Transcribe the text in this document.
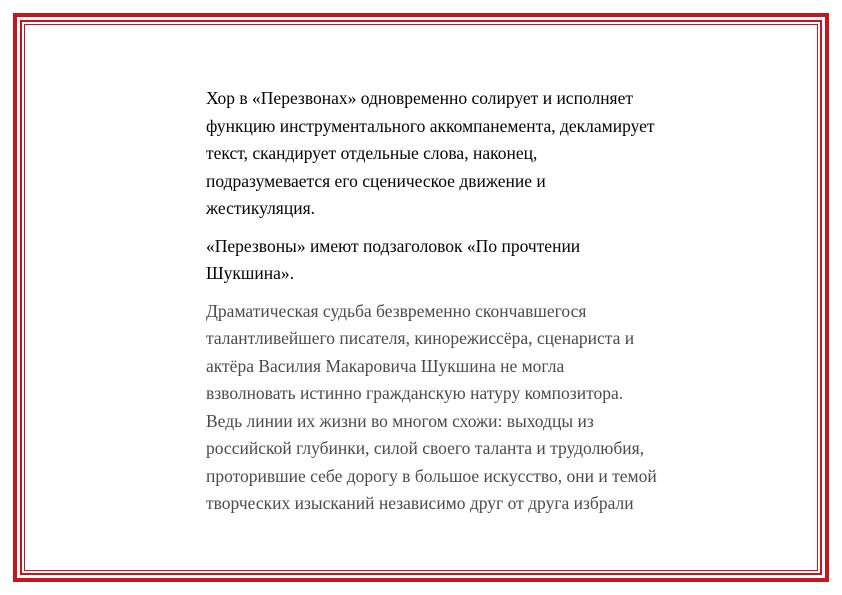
Хор в «Перезвонах» одновременно солирует и исполняет
функцию инструментального аккомпанемента, декламирует
текст, скандирует отдельные слова, наконец,
подразумевается его сценическое движение и
жестикуляция.

«Перезвоны» имеют подзаголовок «По прочтении
Шукшина».

Драматическая судьба безвременно скончавшегося
талантливейшего писателя, кинорежиссёра, сценариста и
актёра Василия Макаровича Шукшина не могла
взволновать истинно гражданскую натуру композитора.
Ведь линии их жизни во многом схожи: выходцы из
российской глубинки, силой своего таланта и трудолюбия,
проторившие себе дорогу в большое искусство, они и темой
творческих изысканий независимо друг от друга избрали
